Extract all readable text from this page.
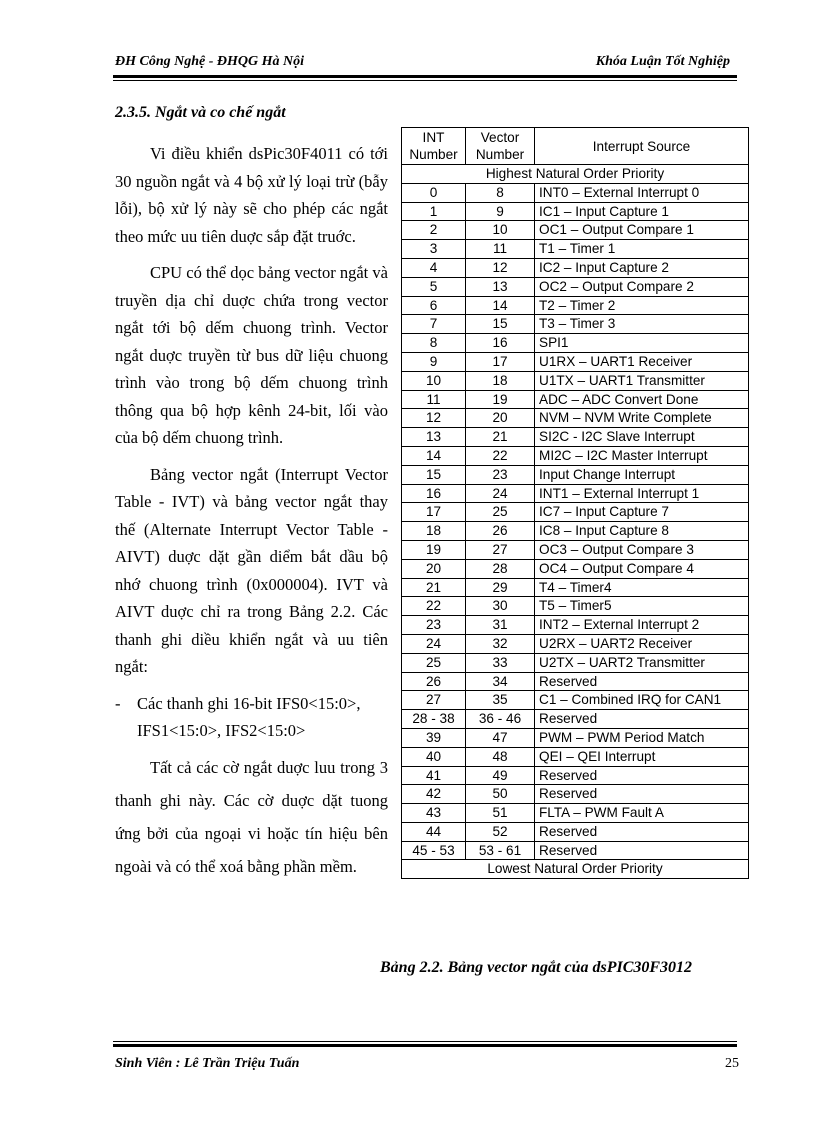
ĐH Công Nghệ - ĐHQG Hà Nội	Khóa Luận Tốt Nghiệp
2.3.5. Ngắt và co chế ngắt

Vi điều khiển dsPic30F4011 có tới 30 nguồn ngắt và 4 bộ xử lý loại trừ (bẫy lỗi), bộ xử lý này sẽ cho phép các ngắt theo mức uu tiên duợc sắp đặt truớc.

CPU có thể dọc bảng vector ngắt và truyền dịa chỉ duợc chứa trong vector ngắt tới bộ dếm chuong trình. Vector ngắt duợc truyền từ bus dữ liệu chuong trình vào trong bộ dếm chuong trình thông qua bộ hợp kênh 24-bit, lối vào của bộ dếm chuong trình.

Bảng vector ngắt (Interrupt Vector Table - IVT) và bảng vector ngắt thay thế (Alternate Interrupt Vector Table - AIVT) duợc dặt gần diểm bắt dầu bộ nhớ chuong trình (0x000004). IVT và AIVT duợc chỉ ra trong Bảng 2.2. Các thanh ghi diều khiển ngắt và uu tiên ngắt:

- Các thanh ghi 16-bit IFS0<15:0>, IFS1<15:0>, IFS2<15:0>

Tất cả các cờ ngắt duợc luu trong 3 thanh ghi này. Các cờ duợc dặt tuong ứng bởi của ngoại vi hoặc tín hiệu bên ngoài và có thể xoá bằng phần mềm.

INT Number	Vector Number	Interrupt Source
Highest Natural Order Priority		
0	8	INT0 – External Interrupt 0
1	9	IC1 – Input Capture 1
2	10	OC1 – Output Compare 1
3	11	T1 – Timer 1
4	12	IC2 – Input Capture 2
5	13	OC2 – Output Compare 2
6	14	T2 – Timer 2
7	15	T3 – Timer 3
8	16	SPI1
9	17	U1RX – UART1 Receiver
10	18	U1TX – UART1 Transmitter
11	19	ADC – ADC Convert Done
12	20	NVM – NVM Write Complete
13	21	SI2C - I2C Slave Interrupt
14	22	MI2C – I2C Master Interrupt
15	23	Input Change Interrupt
16	24	INT1 – External Interrupt 1
17	25	IC7 – Input Capture 7
18	26	IC8 – Input Capture 8
19	27	OC3 – Output Compare 3
20	28	OC4 – Output Compare 4
21	29	T4 – Timer4
22	30	T5 – Timer5
23	31	INT2 – External Interrupt 2
24	32	U2RX – UART2 Receiver
25	33	U2TX – UART2 Transmitter
26	34	Reserved
27	35	C1 – Combined IRQ for CAN1
28 - 38	36 - 46	Reserved
39	47	PWM – PWM Period Match
40	48	QEI – QEI Interrupt
41	49	Reserved
42	50	Reserved
43	51	FLTA – PWM Fault A
44	52	Reserved
45 - 53	53 - 61	Reserved
Lowest Natural Order Priority		
Bảng 2.2. Bảng vector ngắt của dsPIC30F3012
Sinh Viên : Lê Trần Triệu Tuấn	25
